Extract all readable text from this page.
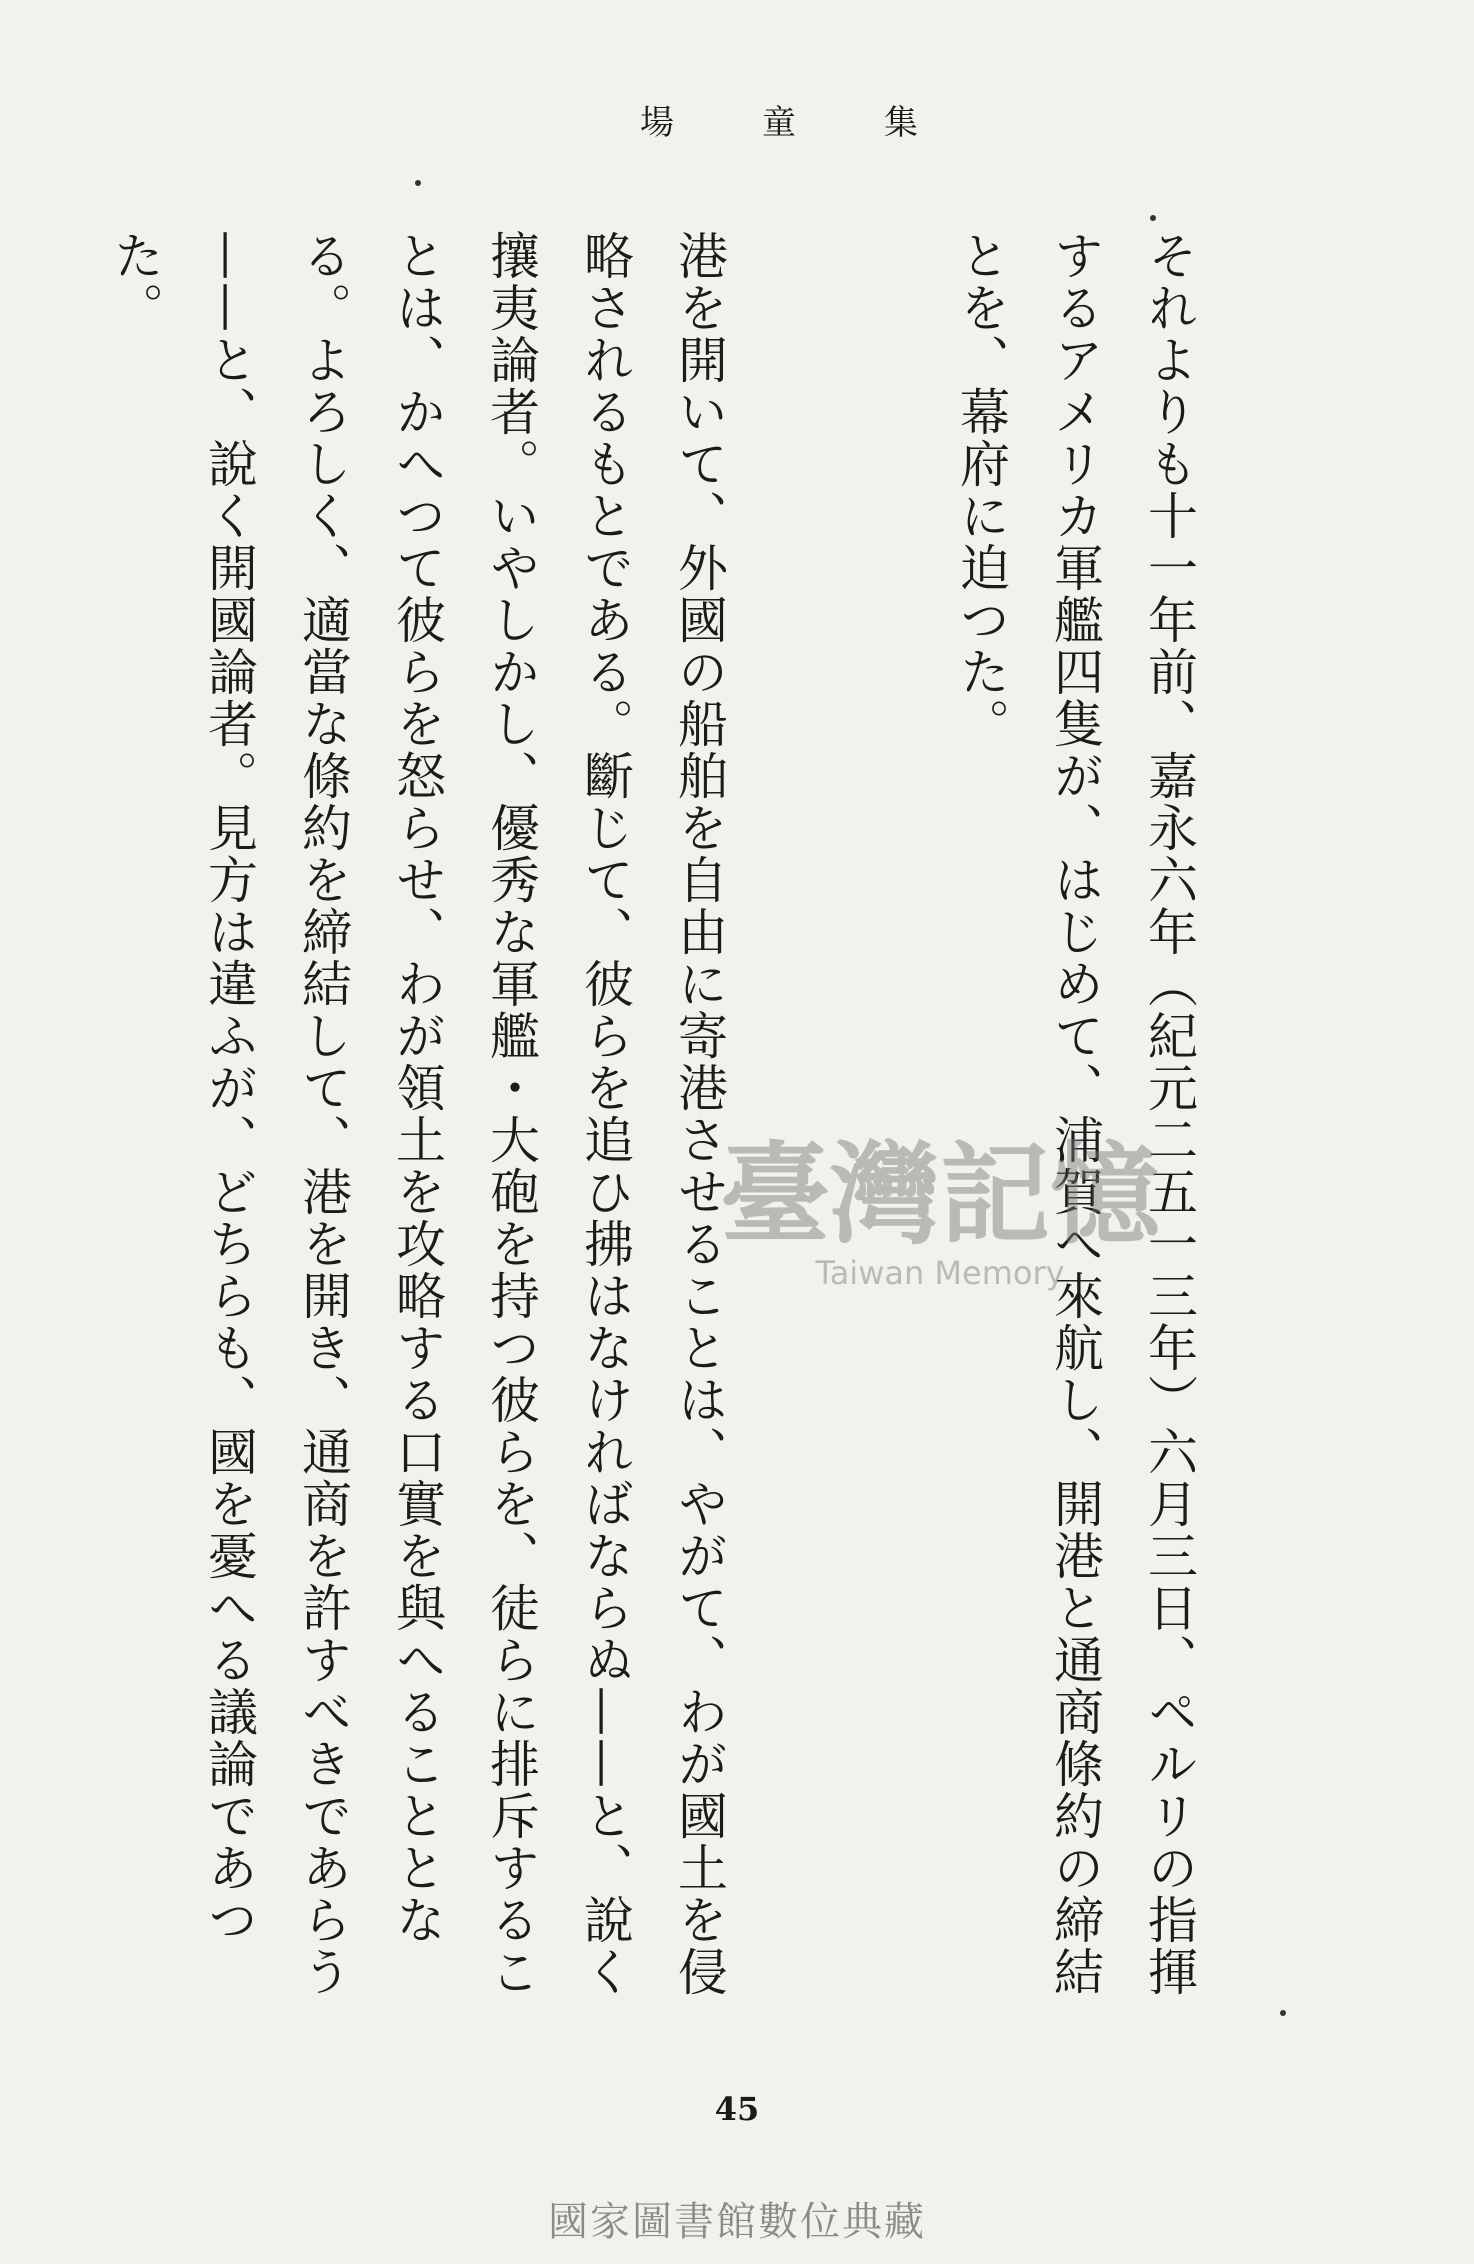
場	童	集

それよりも十一年前、嘉永六年（紀元二五一三年）六月三日、ペルリの指揮するアメリカ軍艦四隻が、はじめて、浦賀へ來航し、開港と通商條約の締結とを、幕府に迫つた。

港を開いて、外國の船舶を自由に寄港させることは、やがて、わが國土を侵略されるもとである。斷じて、彼らを追ひ拂はなければならぬ——と、說く攘夷論者。いやしかし、優秀な軍艦・大砲を持つ彼らを、徒らに排斥することは、かへつて彼らを怒らせ、わが領土を攻略する口實を與へることとなる。よろしく、適當な條約を締結して、港を開き、通商を許すべきであらう——と、說く開國論者。見方は違ふが、どちらも、國を憂へる議論であつた。

臺灣記憶
Taiwan Memory
45
國家圖書館數位典藏
